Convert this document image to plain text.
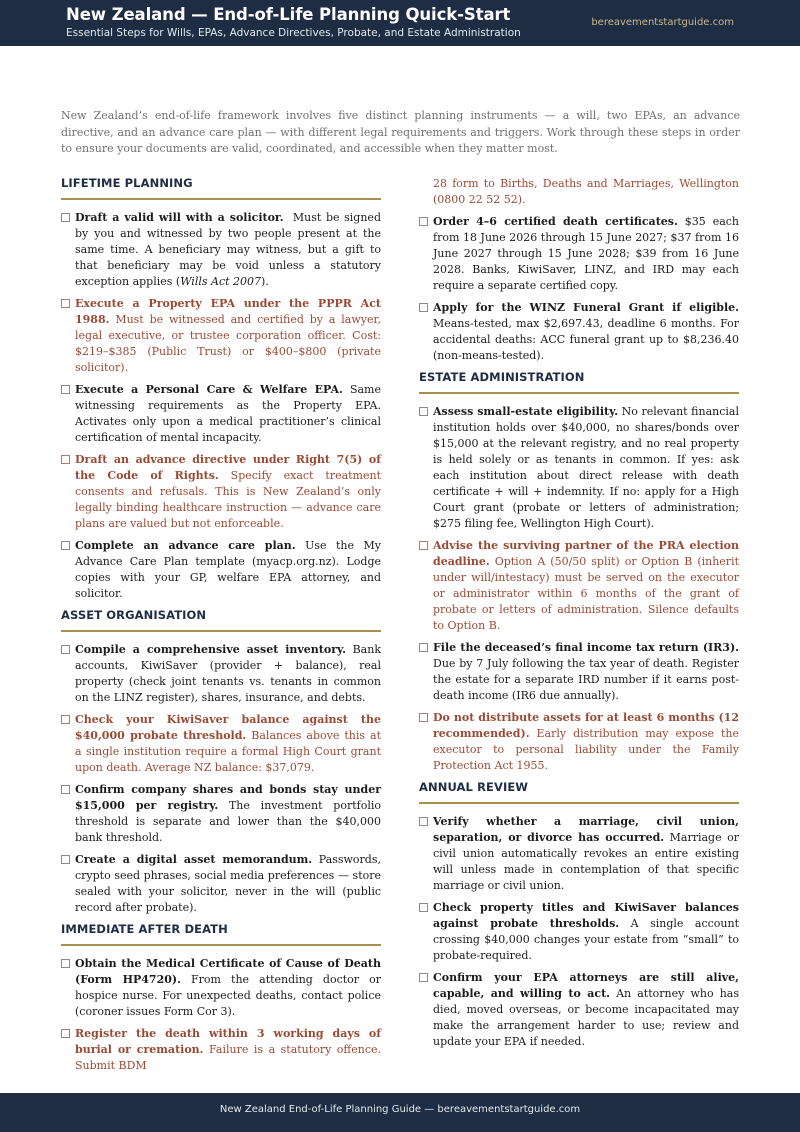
New Zealand — End-of-Life Planning Quick-Start
Essential Steps for Wills, EPAs, Advance Directives, Probate, and Estate Administration
bereavementstartguide.com

New Zealand’s end-of-life framework involves five distinct planning instruments — a will, two EPAs, an advance directive, and an advance care plan — with different legal requirements and triggers. Work through these steps in order to ensure your documents are valid, coordinated, and accessible when they matter most.

LIFETIME PLANNING
Draft a valid will with a solicitor. Must be signed by you and witnessed by two people present at the same time. A beneficiary may witness, but a gift to that beneficiary may be void unless a statutory exception applies (Wills Act 2007).
Execute a Property EPA under the PPPR Act 1988. Must be witnessed and certified by a lawyer, legal executive, or trustee corporation officer. Cost: $219–$385 (Public Trust) or $400–$800 (private solicitor).
Execute a Personal Care & Welfare EPA. Same witnessing requirements as the Property EPA. Activates only upon a medical practitioner’s clinical certification of mental incapacity.
Draft an advance directive under Right 7(5) of the Code of Rights. Specify exact treatment consents and refusals. This is New Zealand’s only legally binding healthcare instruction — advance care plans are valued but not enforceable.
Complete an advance care plan. Use the My Advance Care Plan template (myacp.org.nz). Lodge copies with your GP, welfare EPA attorney, and solicitor.
ASSET ORGANISATION
Compile a comprehensive asset inventory. Bank accounts, KiwiSaver (provider + balance), real property (check joint tenants vs. tenants in common on the LINZ register), shares, insurance, and debts.
Check your KiwiSaver balance against the $40,000 probate threshold. Balances above this at a single institution require a formal High Court grant upon death. Average NZ balance: $37,079.
Confirm company shares and bonds stay under $15,000 per registry. The investment portfolio threshold is separate and lower than the $40,000 bank threshold.
Create a digital asset memorandum. Passwords, crypto seed phrases, social media preferences — store sealed with your solicitor, never in the will (public record after probate).
IMMEDIATE AFTER DEATH
Obtain the Medical Certificate of Cause of Death (Form HP4720). From the attending doctor or hospice nurse. For unexpected deaths, contact police (coroner issues Form Cor 3).
Register the death within 3 working days of burial or cremation. Failure is a statutory offence. Submit BDM
28 form to Births, Deaths and Marriages, Wellington (0800 22 52 52).
Order 4–6 certified death certificates. $35 each from 18 June 2026 through 15 June 2027; $37 from 16 June 2027 through 15 June 2028; $39 from 16 June 2028. Banks, KiwiSaver, LINZ, and IRD may each require a separate certified copy.
Apply for the WINZ Funeral Grant if eligible. Means-tested, max $2,697.43, deadline 6 months. For accidental deaths: ACC funeral grant up to $8,236.40 (non-means-tested).
ESTATE ADMINISTRATION
Assess small-estate eligibility. No relevant financial institution holds over $40,000, no shares/bonds over $15,000 at the relevant registry, and no real property is held solely or as tenants in common. If yes: ask each institution about direct release with death certificate + will + indemnity. If no: apply for a High Court grant (probate or letters of administration; $275 filing fee, Wellington High Court).
Advise the surviving partner of the PRA election deadline. Option A (50/50 split) or Option B (inherit under will/intestacy) must be served on the executor or administrator within 6 months of the grant of probate or letters of administration. Silence defaults to Option B.
File the deceased’s final income tax return (IR3). Due by 7 July following the tax year of death. Register the estate for a separate IRD number if it earns post-death income (IR6 due annually).
Do not distribute assets for at least 6 months (12 recommended). Early distribution may expose the executor to personal liability under the Family Protection Act 1955.
ANNUAL REVIEW
Verify whether a marriage, civil union, separation, or divorce has occurred. Marriage or civil union automatically revokes an entire existing will unless made in contemplation of that specific marriage or civil union.
Check property titles and KiwiSaver balances against probate thresholds. A single account crossing $40,000 changes your estate from “small” to probate-required.
Confirm your EPA attorneys are still alive, capable, and willing to act. An attorney who has died, moved overseas, or become incapacitated may make the arrangement harder to use; review and update your EPA if needed.
New Zealand End-of-Life Planning Guide — bereavementstartguide.com
